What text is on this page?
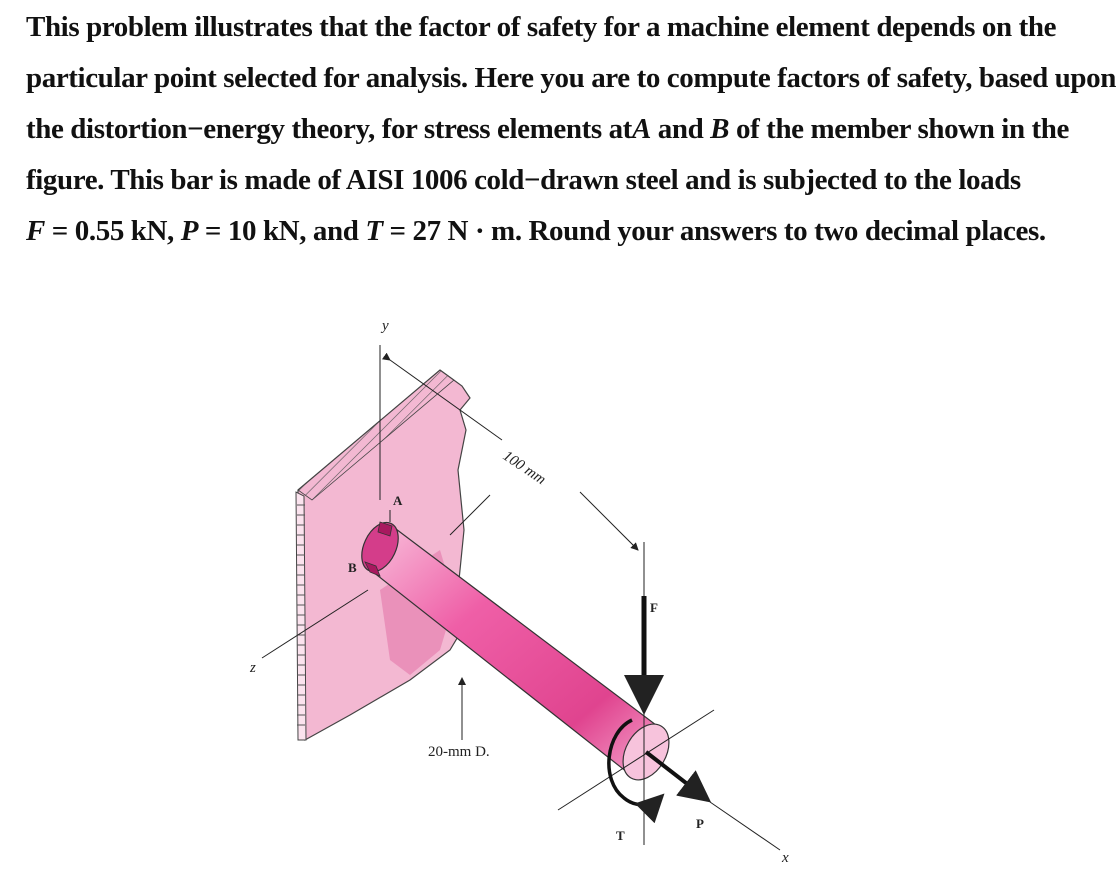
This problem illustrates that the factor of safety for a machine element depends on the
particular point selected for analysis. Here you are to compute factors of safety, based upon
the distortion−energy theory, for stress elements atA and B of the member shown in the
figure. This bar is made of AISI 1006 cold−drawn steel and is subjected to the loads
F = 0.55 kN, P = 10 kN, and T = 27 N · m. Round your answers to two decimal places.
y
z
A
B
100 mm
F
x
P
T
20-mm D.
